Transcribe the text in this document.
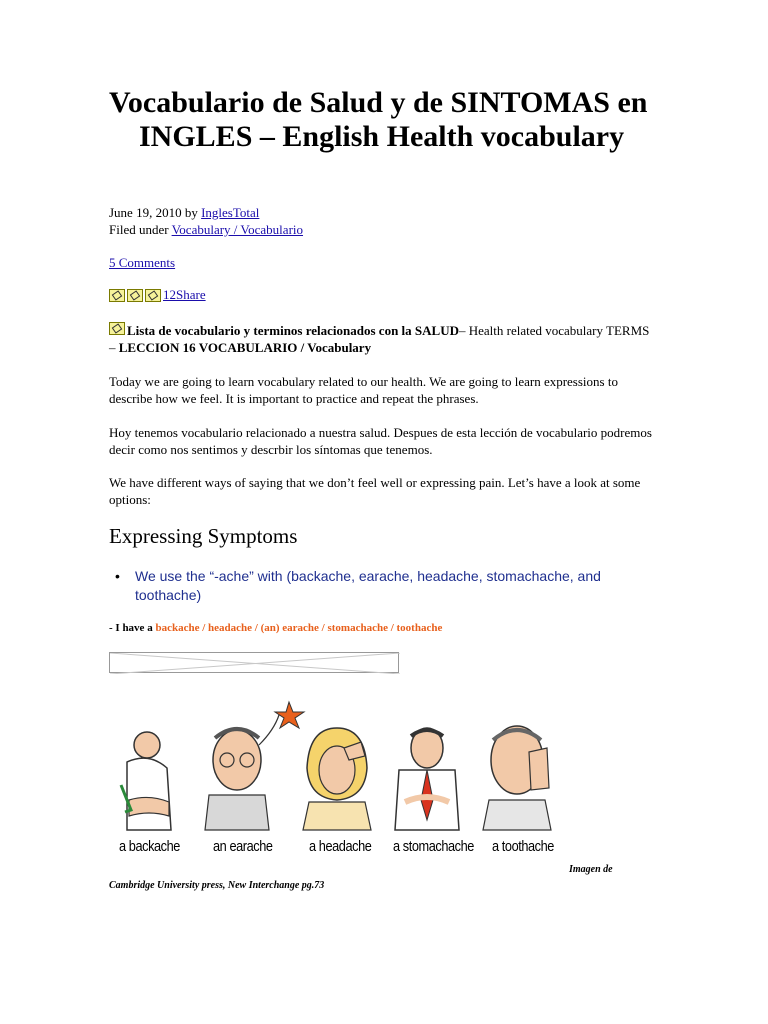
Vocabulario de Salud y de SINTOMAS en INGLES – English Health vocabulary
June 19, 2010 by InglesTotal
Filed under Vocabulary / Vocabulario
5 Comments
12Share

Lista de vocabulario y terminos relacionados con la SALUD– Health related vocabulary TERMS – LECCION 16 VOCABULARIO / Vocabulary

Today we are going to learn vocabulary related to our health. We are going to learn expressions to describe how we feel. It is important to practice and repeat the phrases.

Hoy tenemos vocabulario relacionado a nuestra salud. Despues de esta lección de vocabulario podremos decir como nos sentimos y descrbir los síntomas que tenemos.

We have different ways of saying that we don’t feel well or expressing pain. Let’s have a look at some options:

Expressing Symptoms

• We use the “-ache” with (backache, earache, headache, stomachache, and toothache)

- I have a backache / headache / (an) earache / stomachache / toothache
a backache an earache a headache a stomachache a toothache
Imagen de
Cambridge University press, New Interchange pg.73
